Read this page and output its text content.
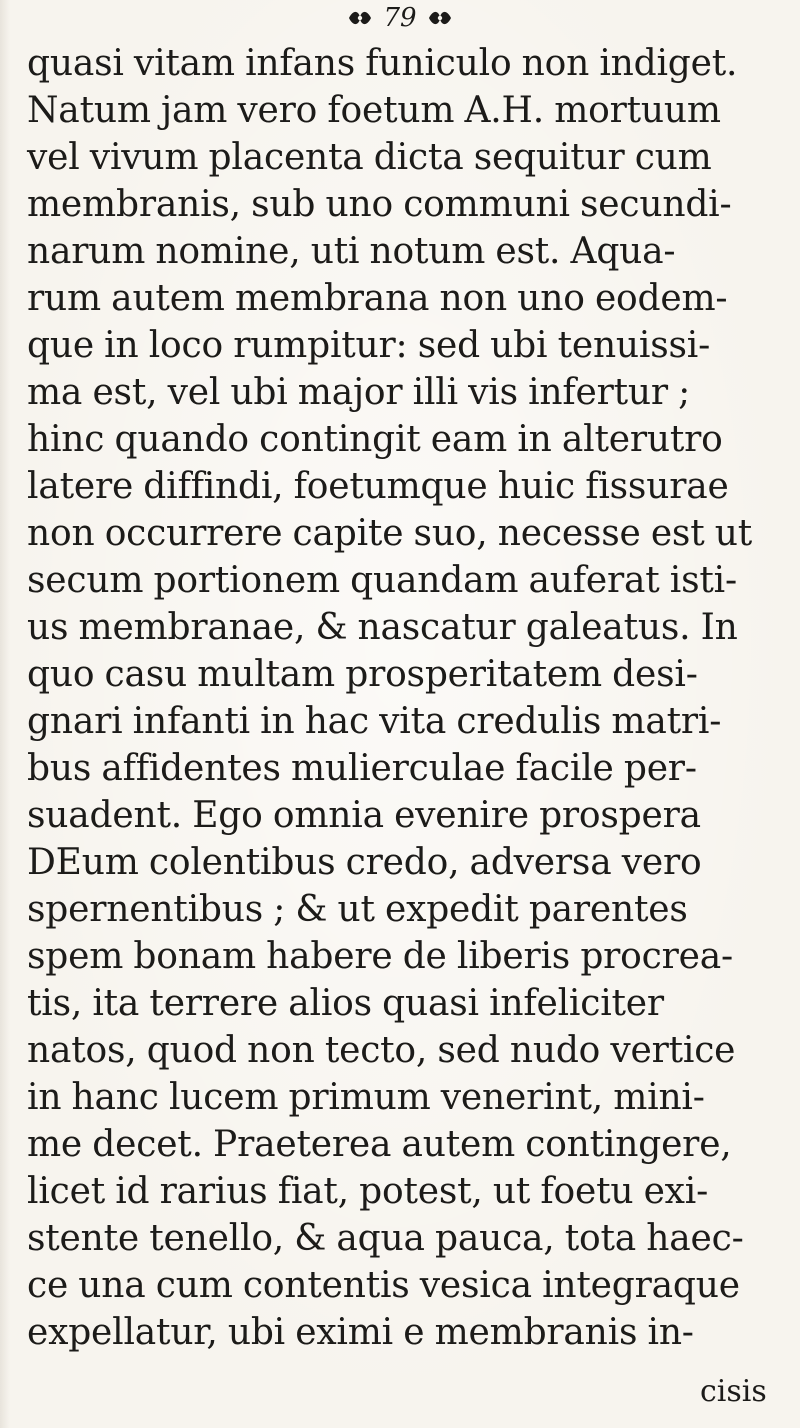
79
quasi vitam infans funiculo non indiget.
Natum jam vero foetum A.H. mortuum
vel vivum placenta dicta sequitur cum
membranis, sub uno communi secundi-
narum nomine, uti notum est. Aqua-
rum autem membrana non uno eodem-
que in loco rumpitur: sed ubi tenuissi-
ma est, vel ubi major illi vis infertur ;
hinc quando contingit eam in alterutro
latere diffindi, foetumque huic fissurae
non occurrere capite suo, necesse est ut
secum portionem quandam auferat isti-
us membranae, & nascatur galeatus. In
quo casu multam prosperitatem desi-
gnari infanti in hac vita credulis matri-
bus affidentes mulierculae facile per-
suadent. Ego omnia evenire prospera
DEum colentibus credo, adversa vero
spernentibus ; & ut expedit parentes
spem bonam habere de liberis procrea-
tis, ita terrere alios quasi infeliciter
natos, quod non tecto, sed nudo vertice
in hanc lucem primum venerint, mini-
me decet. Praeterea autem contingere,
licet id rarius fiat, potest, ut foetu exi-
stente tenello, & aqua pauca, tota haec-
ce una cum contentis vesica integraque
expellatur, ubi eximi e membranis in-
cisis
